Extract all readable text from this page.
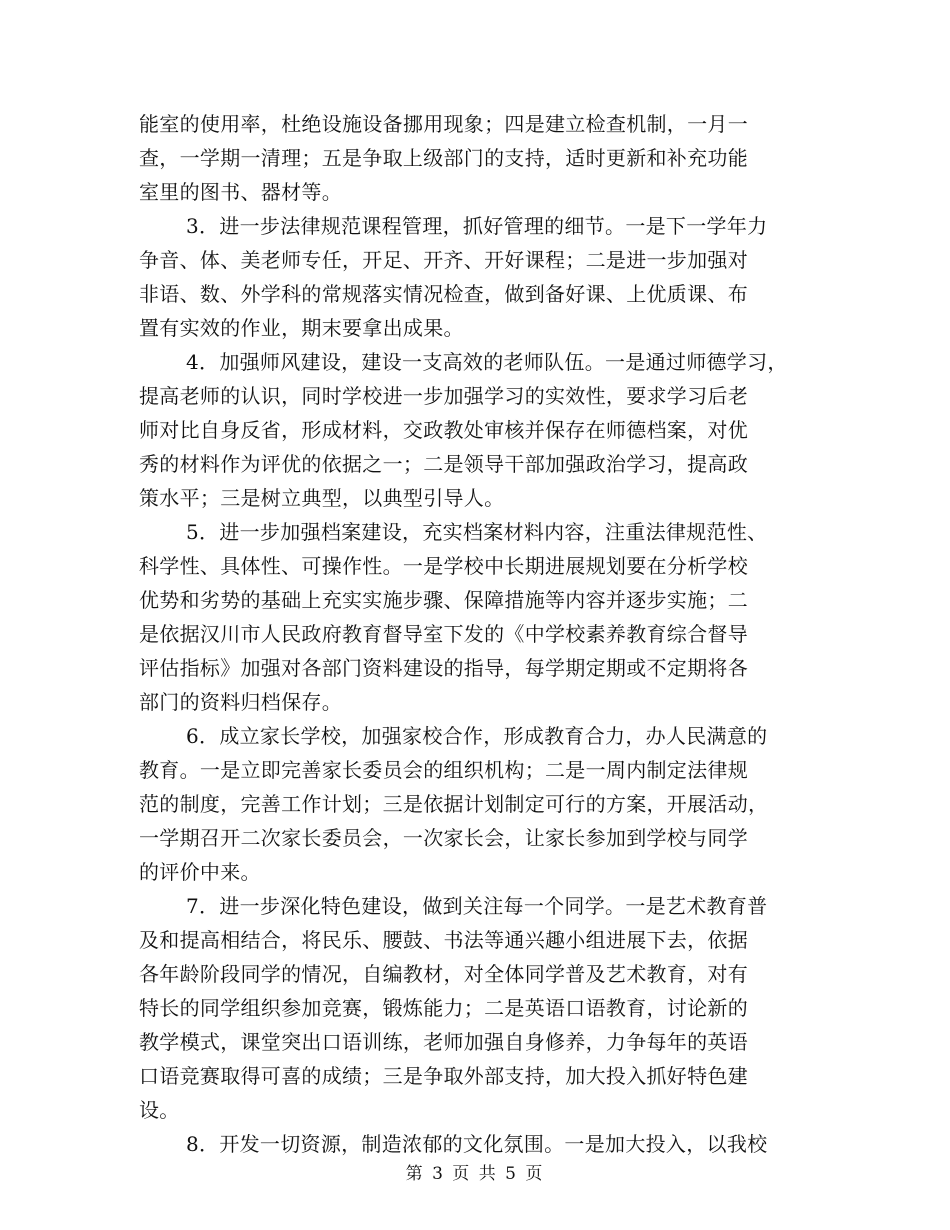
能室的使用率，杜绝设施设备挪用现象；四是建立检查机制，一月一
查，一学期一清理；五是争取上级部门的支持，适时更新和补充功能
室里的图书、器材等。
3．进一步法律规范课程管理，抓好管理的细节。一是下一学年力
争音、体、美老师专任，开足、开齐、开好课程；二是进一步加强对
非语、数、外学科的常规落实情况检查，做到备好课、上优质课、布
置有实效的作业，期末要拿出成果。
4．加强师风建设，建设一支高效的老师队伍。一是通过师德学习，
提高老师的认识，同时学校进一步加强学习的实效性，要求学习后老
师对比自身反省，形成材料，交政教处审核并保存在师德档案，对优
秀的材料作为评优的依据之一；二是领导干部加强政治学习，提高政
策水平；三是树立典型，以典型引导人。
5．进一步加强档案建设，充实档案材料内容，注重法律规范性、
科学性、具体性、可操作性。一是学校中长期进展规划要在分析学校
优势和劣势的基础上充实实施步骤、保障措施等内容并逐步实施；二
是依据汉川市人民政府教育督导室下发的《中学校素养教育综合督导
评估指标》加强对各部门资料建设的指导，每学期定期或不定期将各
部门的资料归档保存。
6．成立家长学校，加强家校合作，形成教育合力，办人民满意的
教育。一是立即完善家长委员会的组织机构；二是一周内制定法律规
范的制度，完善工作计划；三是依据计划制定可行的方案，开展活动，
一学期召开二次家长委员会，一次家长会，让家长参加到学校与同学
的评价中来。
7．进一步深化特色建设，做到关注每一个同学。一是艺术教育普
及和提高相结合，将民乐、腰鼓、书法等通兴趣小组进展下去，依据
各年龄阶段同学的情况，自编教材，对全体同学普及艺术教育，对有
特长的同学组织参加竞赛，锻炼能力；二是英语口语教育，讨论新的
教学模式，课堂突出口语训练，老师加强自身修养，力争每年的英语
口语竞赛取得可喜的成绩；三是争取外部支持，加大投入抓好特色建
设。
8．开发一切资源，制造浓郁的文化氛围。一是加大投入，以我校
第 3 页 共 5 页
